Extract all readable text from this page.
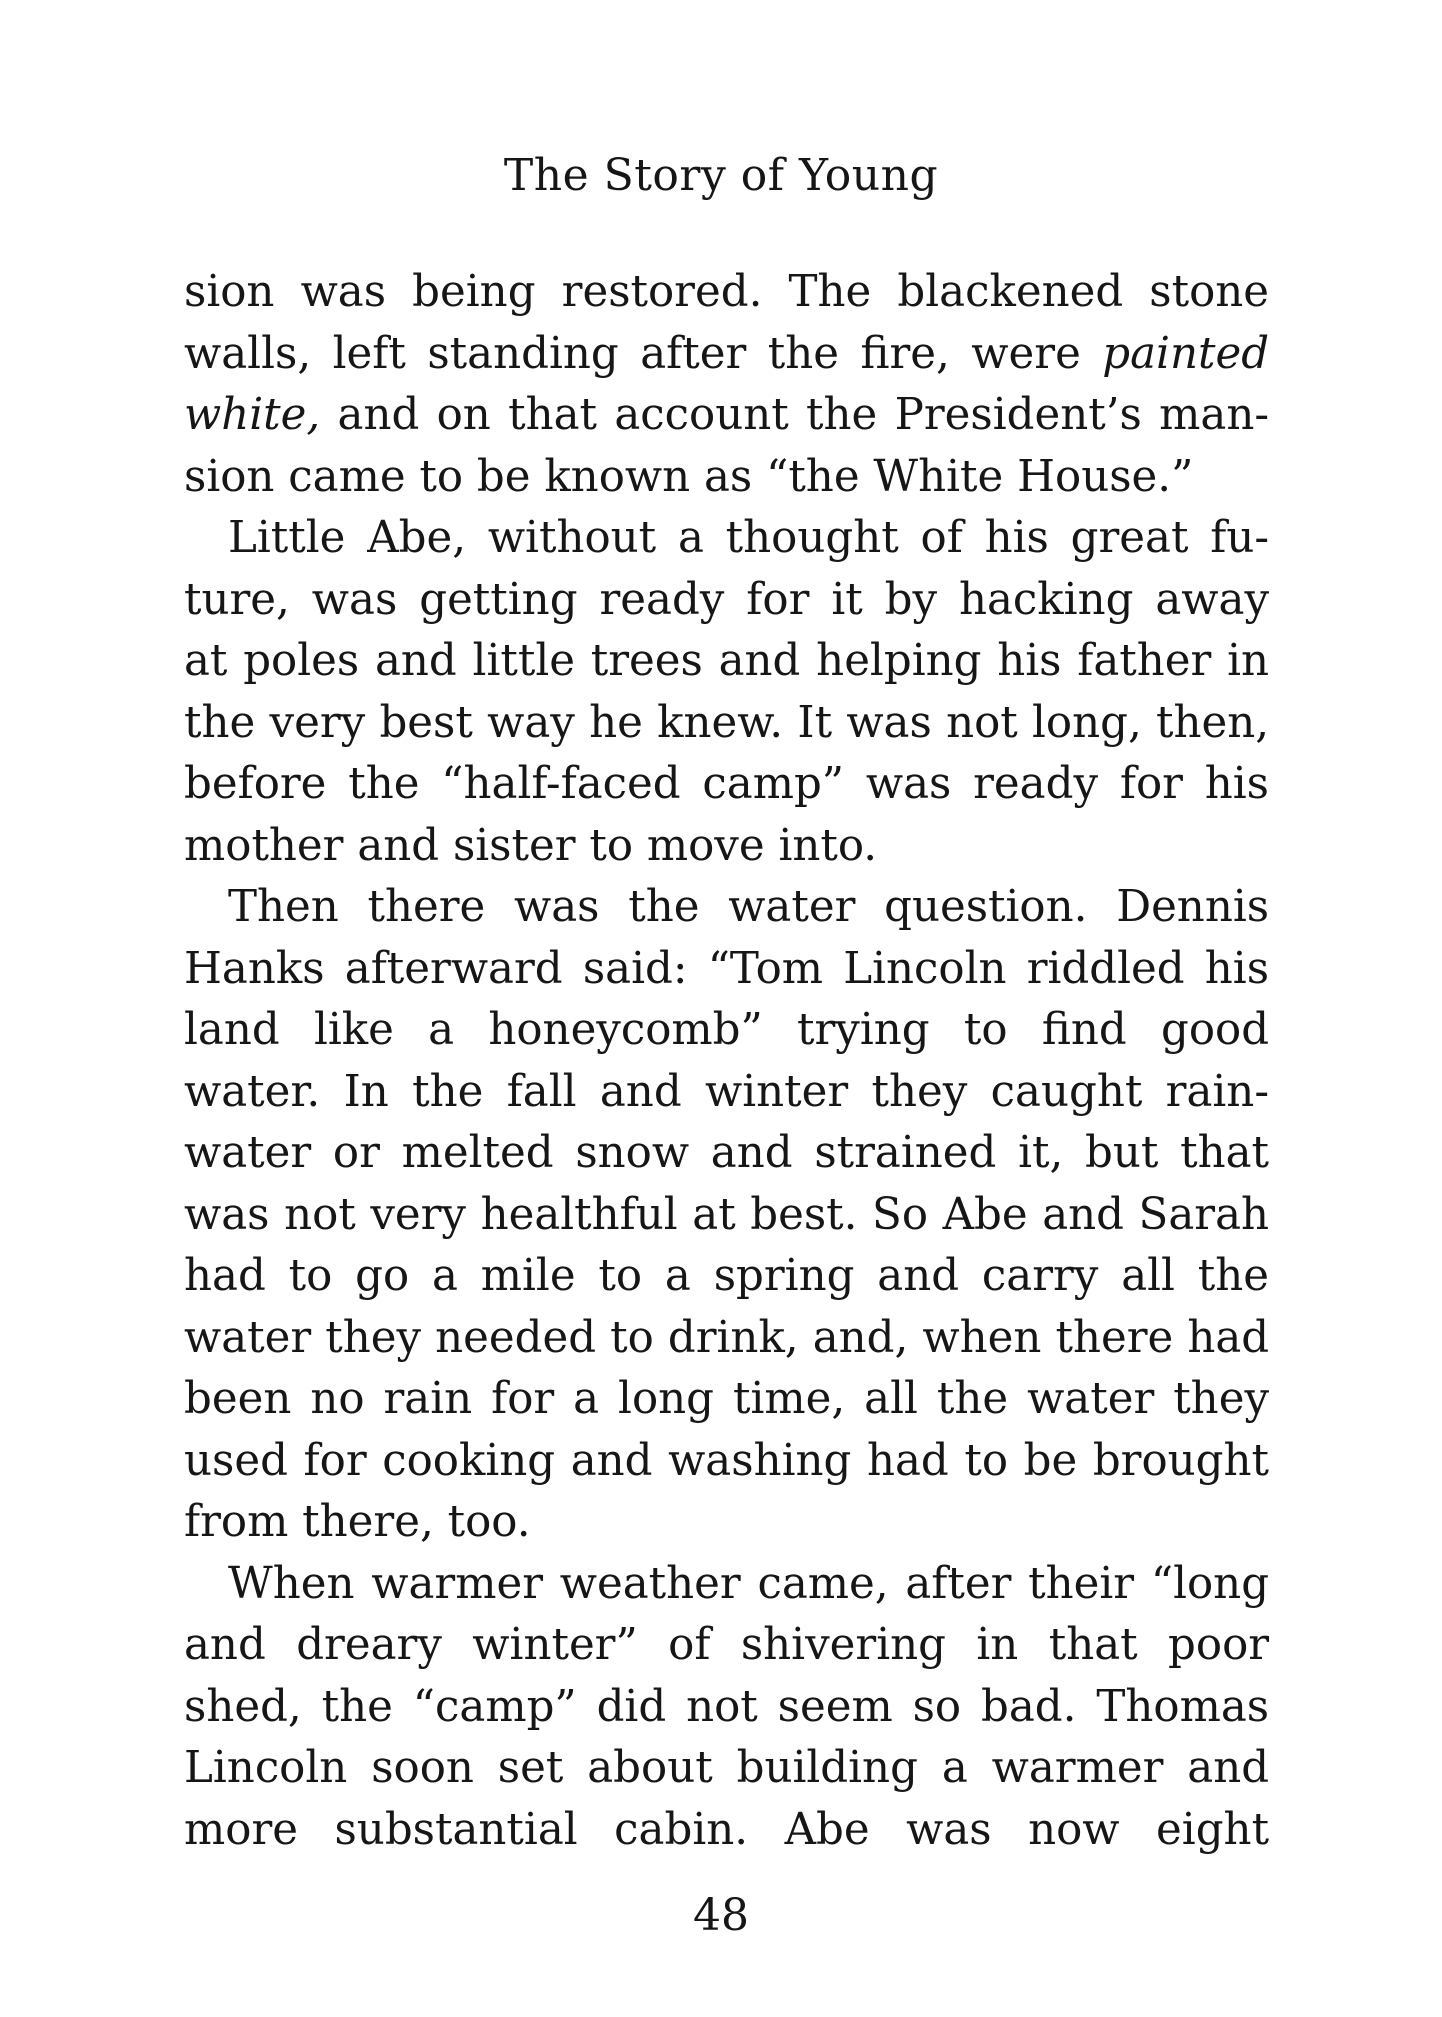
The Story of Young
sion was being restored. The blackened stone
walls, left standing after the fire, were painted
white, and on that account the President’s man-
sion came to be known as “the White House.”
Little Abe, without a thought of his great fu-
ture, was getting ready for it by hacking away
at poles and little trees and helping his father in
the very best way he knew. It was not long, then,
before the “half-faced camp” was ready for his
mother and sister to move into.
Then there was the water question. Dennis
Hanks afterward said: “Tom Lincoln riddled his
land like a honeycomb” trying to find good
water. In the fall and winter they caught rain-
water or melted snow and strained it, but that
was not very healthful at best. So Abe and Sarah
had to go a mile to a spring and carry all the
water they needed to drink, and, when there had
been no rain for a long time, all the water they
used for cooking and washing had to be brought
from there, too.
When warmer weather came, after their “long
and dreary winter” of shivering in that poor
shed, the “camp” did not seem so bad. Thomas
Lincoln soon set about building a warmer and
more substantial cabin. Abe was now eight
48
